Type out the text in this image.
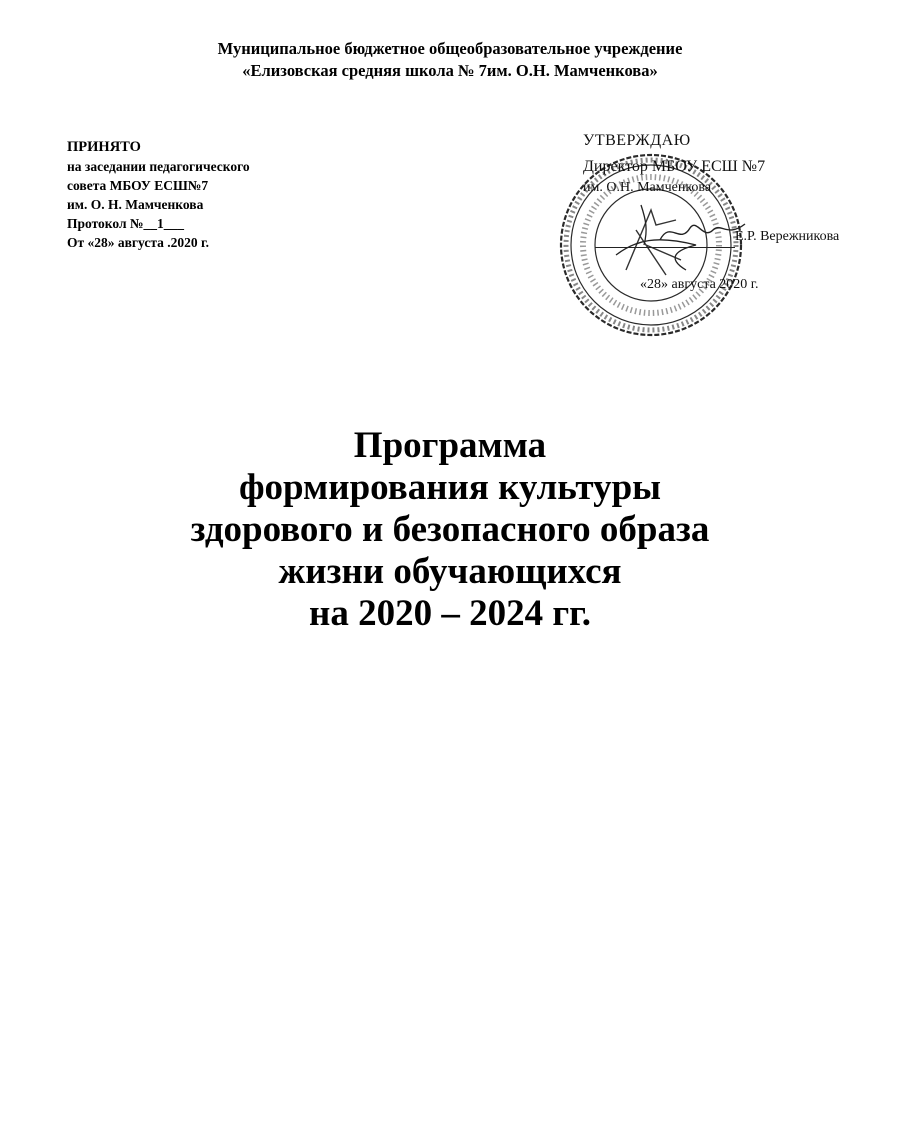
Муниципальное бюджетное общеобразовательное учреждение
«Елизовская средняя школа № 7им. О.Н. Мамченкова»
ПРИНЯТО
на заседании педагогического
совета МБОУ ЕСШ№7
им. О. Н. Мамченкова
Протокол №__1___
От «28» августа .2020 г.
УТВЕРЖДАЮ
Директор МБОУ ЕСШ №7
им. О.Н. Мамченкова
Е.Р. Вережникова
«28» августа 2020 г.
Программа
формирования культуры
здорового и безопасного образа
жизни обучающихся
на 2020 – 2024 гг.
